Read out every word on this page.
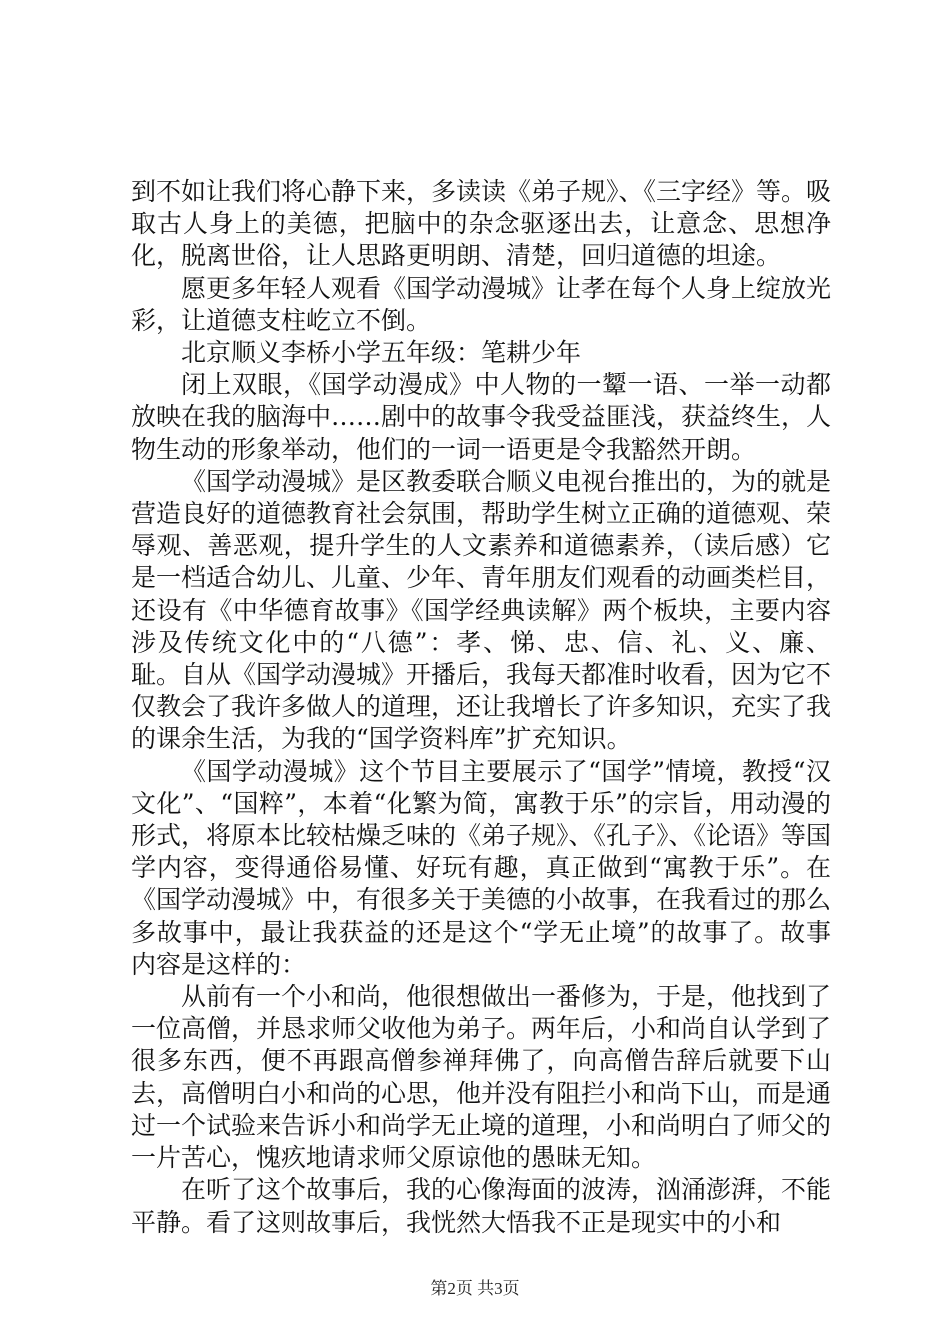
到不如让我们将心静下来，多读读《弟子规》、《三字经》等。吸取古人身上的美德，把脑中的杂念驱逐出去，让意念、思想净化，脱离世俗，让人思路更明朗、清楚，回归道德的坦途。

愿更多年轻人观看《国学动漫城》让孝在每个人身上绽放光彩，让道德支柱屹立不倒。

北京顺义李桥小学五年级：笔耕少年

闭上双眼，《国学动漫成》中人物的一颦一语、一举一动都放映在我的脑海中……剧中的故事令我受益匪浅，获益终生，人物生动的形象举动，他们的一词一语更是令我豁然开朗。

《国学动漫城》是区教委联合顺义电视台推出的，为的就是营造良好的道德教育社会氛围，帮助学生树立正确的道德观、荣辱观、善恶观，提升学生的人文素养和道德素养，（读后感）它是一档适合幼儿、儿童、少年、青年朋友们观看的动画类栏目，还设有《中华德育故事》《国学经典读解》两个板块，主要内容涉及传统文化中的“八德”：孝、悌、忠、信、礼、义、廉、耻。自从《国学动漫城》开播后，我每天都准时收看，因为它不仅教会了我许多做人的道理，还让我增长了许多知识，充实了我的课余生活，为我的“国学资料库”扩充知识。

《国学动漫城》这个节目主要展示了“国学”情境，教授“汉文化”、“国粹”，本着“化繁为简，寓教于乐”的宗旨，用动漫的形式，将原本比较枯燥乏味的《弟子规》、《孔子》、《论语》等国学内容，变得通俗易懂、好玩有趣，真正做到“寓教于乐”。在《国学动漫城》中，有很多关于美德的小故事，在我看过的那么多故事中，最让我获益的还是这个“学无止境”的故事了。故事内容是这样的：

从前有一个小和尚，他很想做出一番修为，于是，他找到了一位高僧，并恳求师父收他为弟子。两年后，小和尚自认学到了很多东西，便不再跟高僧参禅拜佛了，向高僧告辞后就要下山去，高僧明白小和尚的心思，他并没有阻拦小和尚下山，而是通过一个试验来告诉小和尚学无止境的道理，小和尚明白了师父的一片苦心，愧疚地请求师父原谅他的愚昧无知。

在听了这个故事后，我的心像海面的波涛，汹涌澎湃，不能平静。看了这则故事后，我恍然大悟我不正是现实中的小和

第2页 共3页
